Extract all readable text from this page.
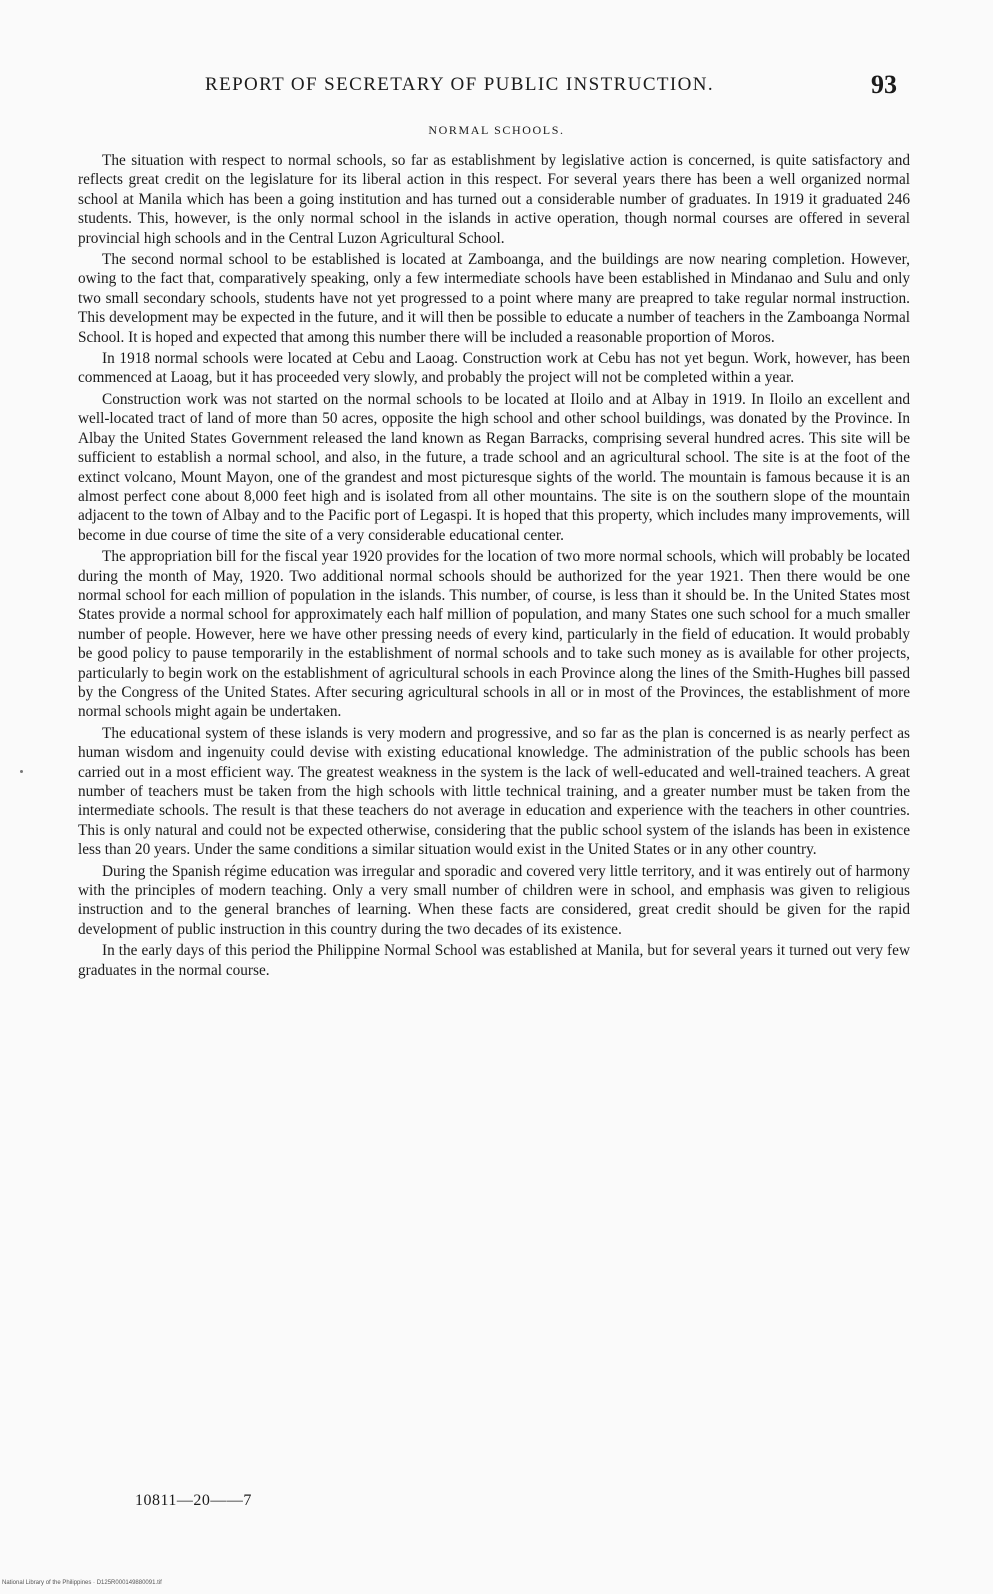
REPORT OF SECRETARY OF PUBLIC INSTRUCTION.	93
NORMAL SCHOOLS.

The situation with respect to normal schools, so far as establishment by legislative action is concerned, is quite satisfactory and reflects great credit on the legislature for its liberal action in this respect. For several years there has been a well organized normal school at Manila which has been a going institution and has turned out a considerable number of graduates. In 1919 it graduated 246 students. This, however, is the only normal school in the islands in active operation, though normal courses are offered in several provincial high schools and in the Central Luzon Agricultural School.

The second normal school to be established is located at Zamboanga, and the buildings are now nearing completion. However, owing to the fact that, comparatively speaking, only a few intermediate schools have been established in Mindanao and Sulu and only two small secondary schools, students have not yet progressed to a point where many are preapred to take regular normal instruction. This development may be expected in the future, and it will then be possible to educate a number of teachers in the Zamboanga Normal School. It is hoped and expected that among this number there will be included a reasonable proportion of Moros.

In 1918 normal schools were located at Cebu and Laoag. Construction work at Cebu has not yet begun. Work, however, has been commenced at Laoag, but it has proceeded very slowly, and probably the project will not be completed within a year.

Construction work was not started on the normal schools to be located at Iloilo and at Albay in 1919. In Iloilo an excellent and well-located tract of land of more than 50 acres, opposite the high school and other school buildings, was donated by the Province. In Albay the United States Government released the land known as Regan Barracks, comprising several hundred acres. This site will be sufficient to establish a normal school, and also, in the future, a trade school and an agricultural school. The site is at the foot of the extinct volcano, Mount Mayon, one of the grandest and most picturesque sights of the world. The mountain is famous because it is an almost perfect cone about 8,000 feet high and is isolated from all other mountains. The site is on the southern slope of the mountain adjacent to the town of Albay and to the Pacific port of Legaspi. It is hoped that this property, which includes many improvements, will become in due course of time the site of a very considerable educational center.

The appropriation bill for the fiscal year 1920 provides for the location of two more normal schools, which will probably be located during the month of May, 1920. Two additional normal schools should be authorized for the year 1921. Then there would be one normal school for each million of population in the islands. This number, of course, is less than it should be. In the United States most States provide a normal school for approximately each half million of population, and many States one such school for a much smaller number of people. However, here we have other pressing needs of every kind, particularly in the field of education. It would probably be good policy to pause temporarily in the establishment of normal schools and to take such money as is available for other projects, particularly to begin work on the establishment of agricultural schools in each Province along the lines of the Smith-Hughes bill passed by the Congress of the United States. After securing agricultural schools in all or in most of the Provinces, the establishment of more normal schools might again be undertaken.

The educational system of these islands is very modern and progressive, and so far as the plan is concerned is as nearly perfect as human wisdom and ingenuity could devise with existing educational knowledge. The administration of the public schools has been carried out in a most efficient way. The greatest weakness in the system is the lack of well-educated and well-trained teachers. A great number of teachers must be taken from the high schools with little technical training, and a greater number must be taken from the intermediate schools. The result is that these teachers do not average in education and experience with the teachers in other countries. This is only natural and could not be expected otherwise, considering that the public school system of the islands has been in existence less than 20 years. Under the same conditions a similar situation would exist in the United States or in any other country.

During the Spanish régime education was irregular and sporadic and covered very little territory, and it was entirely out of harmony with the principles of modern teaching. Only a very small number of children were in school, and emphasis was given to religious instruction and to the general branches of learning. When these facts are considered, great credit should be given for the rapid development of public instruction in this country during the two decades of its existence.

In the early days of this period the Philippine Normal School was established at Manila, but for several years it turned out very few graduates in the normal course.

10811—20——7
National Library of the Philippines · D125R000149880091.tif
